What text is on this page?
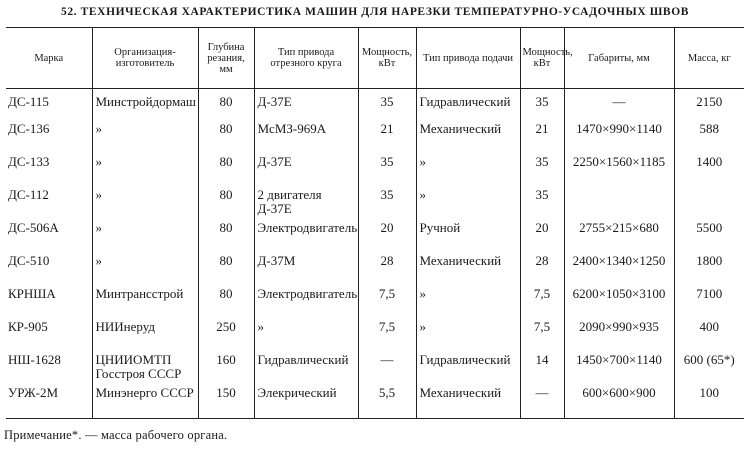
52. ТЕХНИЧЕСКАЯ ХАРАКТЕРИСТИКА МАШИН ДЛЯ НАРЕЗКИ ТЕМПЕРАТУРНО-УСАДОЧНЫХ ШВОВ
Марка	Организация-изготовитель	Глубина резания, мм	Тип привода отрезного круга	Мощность, кВт	Тип привода подачи	Мощность, кВт	Габариты, мм	Масса, кг
ДС-115	Минстройдормаш	80	Д-37Е	35	Гидравлический	35	—	2150
ДС-136	»	80	МсМЗ-969А	21	Механический	21	1470×990×1140	588
ДС-133	»	80	Д-37Е	35	»	35	2250×1560×1185	1400
ДС-112	»	80	2 двигателя Д-37Е	35	»	35		
ДС-506А	»	80	Электродвигатель	20	Ручной	20	2755×215×680	5500
ДС-510	»	80	Д-37М	28	Механический	28	2400×1340×1250	1800
КРНША	Минтрансстрой	80	Электродвигатель	7,5	»	7,5	6200×1050×3100	7100
КР-905	НИИнеруд	250	»	7,5	»	7,5	2090×990×935	400
НШ-1628	ЦНИИОМТП Госстроя СССР	160	Гидравлический	—	Гидравлический	14	1450×700×1140	600 (65*)
УРЖ-2М	Минэнерго СССР	150	Элекрический	5,5	Механический	—	600×600×900	100
Примечание*. — масса рабочего органа.
